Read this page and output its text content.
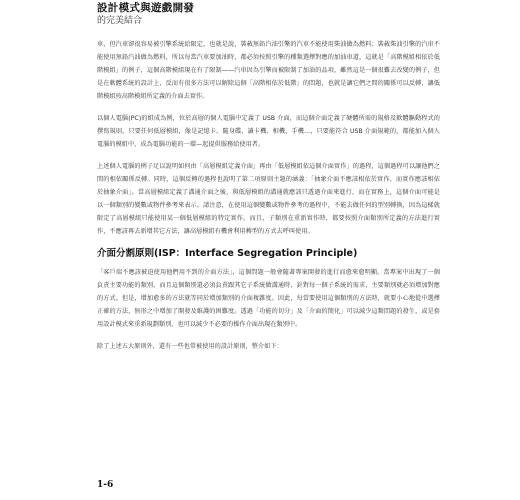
設計模式與遊戲開發
的完美結合

車，但汽車卻很容易被引擎系統給限定，也就是說，裝載無鉛汽油引擎的汽車不能使用柴油做為燃料；裝載柴油引擎的汽車不能使用無鉛汽油做為燃料，所以每當汽車要加油時，都必須按照引擎的種類選擇對應的加油車道，這就是「高階模組相依於低階模組」的例子，這個高階模組現在有了限制——汽車因為引擎而被限制了加油的品項，雖然這是一個很難去改變的例子，但是在軟體系統的設計上，反而有很多方法可以解除這個「高階相依於低階」的問題，也就是讓它們之間的關係可以反轉，讓低階模組按高階模組所定義的介面去實作。

以個人電腦(PC)的組成為例，位於高層的個人電腦中定義了 USB 介面，而這個介面定義了硬體所需的規格及軟體驅動程式的撰寫規則，只要任何低層模組，像是記憶卡、隨身碟、讀卡機、相機、手機…，只要能符合 USB 介面規範的，都能加入個人電腦的模組中，成為電腦功能的一環—起提供服務給使用者。

上述個人電腦的例子足以說明如何由「高層模組定義介面」再由「低層模組依這個介面實作」的過程，這個過程可以讓他們之間的相依關係反轉。同時，這個反轉的過程也說明了第二項原則主題的涵義：「抽象介面不應該相依於實作，而實作應該相依於抽象介面」。當高層模組定義了溝通介面之後，與低層模組的溝通就應該只透過介面來進行，而在實務上，這個介面可能是以一個類別的變數或物件參考來表示。請注意，在使用這個變數或物件參考的過程中，不能去做任何的型別轉換，因為這樣就限定了高層模組只能使用某一個低層模組的特定實作。而且，子類別在重新實作時，都要按照介面類別所定義的方法進行實作，不應該再去新增其它方法，讓高層模組有機會利用轉型的方式去呼叫使用。

介面分割原則(ISP：Interface Segregation Principle)

「客戶端不應該被迫使用他們用不到的介面方法」，這個問題一般會隨著專案開發的進行而愈來愈明顯。當專案中出現了一個負責主要功能的類別，而且這個類別還必須負責跟其它子系統做溝通時，針對每一個子系統的需求，主要類別就必須增加對應的方式。但是，增加愈多的方法就等同於增加類別的介面複雜度。因此，每當要使用這個類別的方法時，就要小心地從中選擇正確的方法，無形之中增加了開發及維護的困難度。透過「功能的切分」及「介面的簡化」可以減少這類問題的發生，或是套用設計模式來重新規劃類別，也可以減少不必要的操作介面出現在類別中。

除了上述五大原則外，還有一些也常被使用的設計原則，整介如下：

1-6
